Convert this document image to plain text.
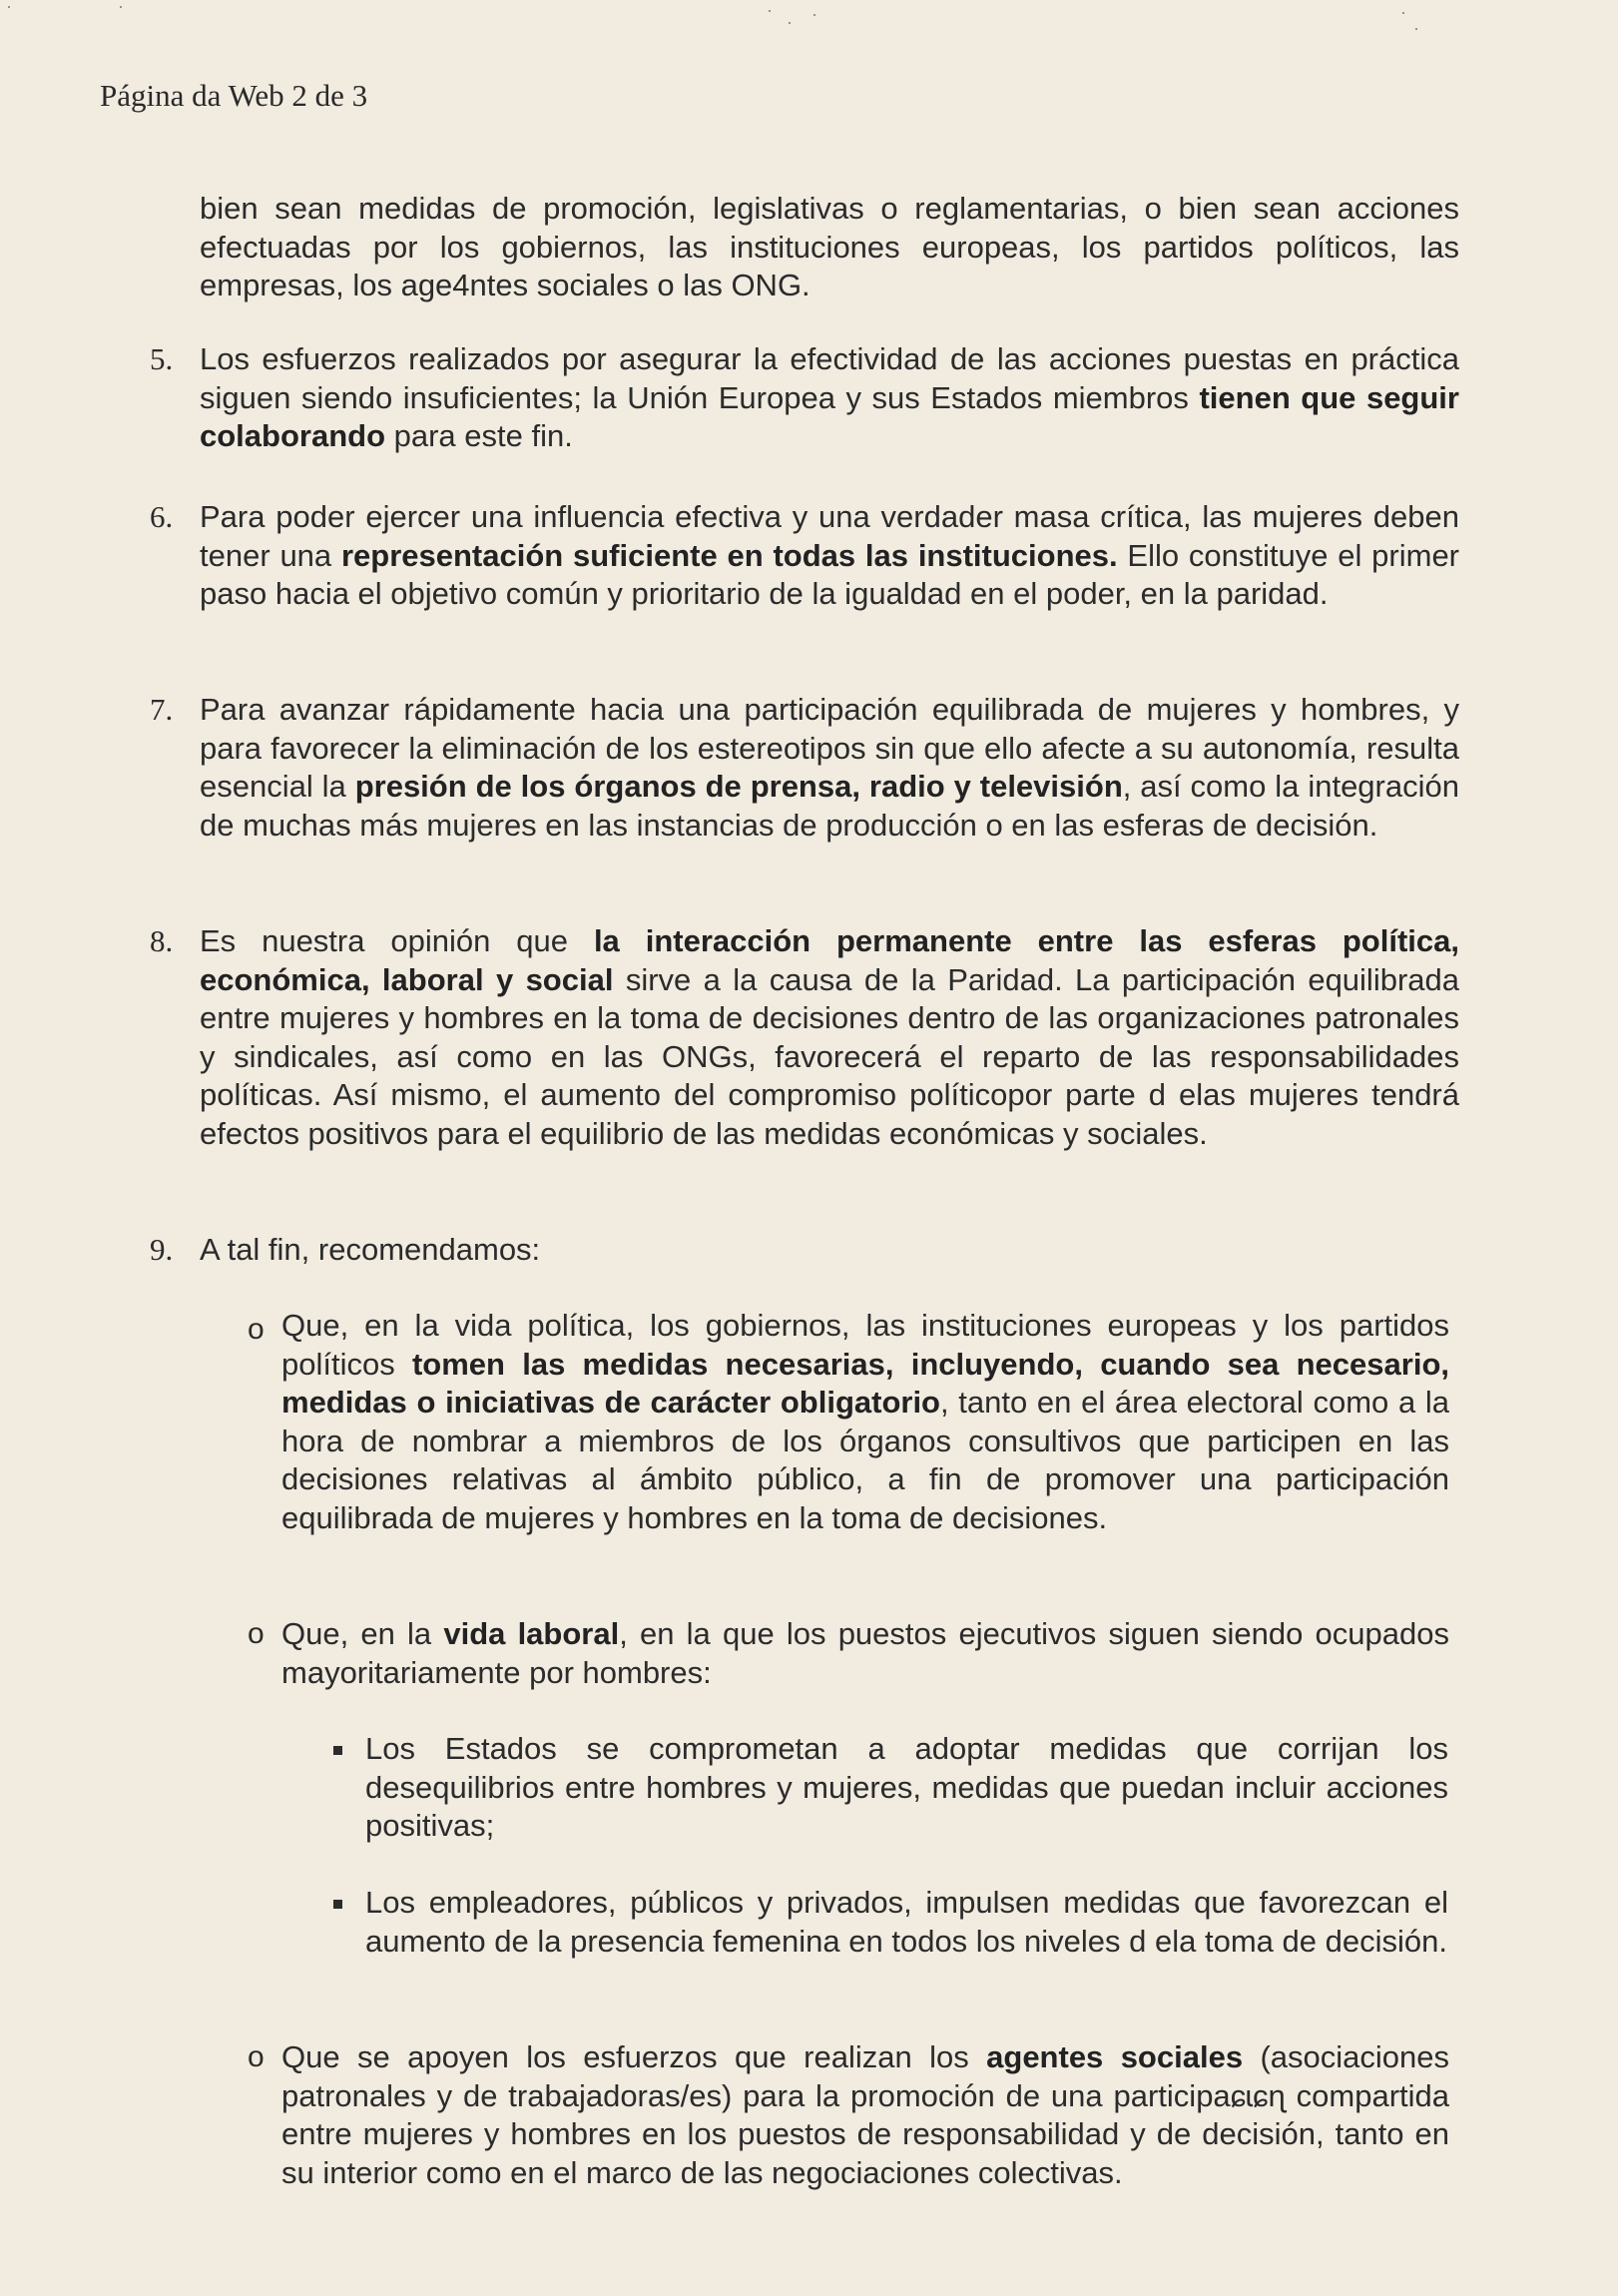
Página da Web 2 de 3

bien sean medidas de promoción, legislativas o reglamentarias, o bien sean acciones efectuadas por los gobiernos, las instituciones europeas, los partidos políticos, las empresas, los age4ntes sociales o las ONG.

5. Los esfuerzos realizados por asegurar la efectividad de las acciones puestas en práctica siguen siendo insuficientes; la Unión Europea y sus Estados miembros tienen que seguir colaborando para este fin.

6. Para poder ejercer una influencia efectiva y una verdader masa crítica, las mujeres deben tener una representación suficiente en todas las instituciones. Ello constituye el primer paso hacia el objetivo común y prioritario de la igualdad en el poder, en la paridad.

7. Para avanzar rápidamente hacia una participación equilibrada de mujeres y hombres, y para favorecer la eliminación de los estereotipos sin que ello afecte a su autonomía, resulta esencial la presión de los órganos de prensa, radio y televisión, así como la integración de muchas más mujeres en las instancias de producción o en las esferas de decisión.

8. Es nuestra opinión que la interacción permanente entre las esferas política, económica, laboral y social sirve a la causa de la Paridad. La participación equilibrada entre mujeres y hombres en la toma de decisiones dentro de las organizaciones patronales y sindicales, así como en las ONGs, favorecerá el reparto de las responsabilidades políticas. Así mismo, el aumento del compromiso políticopor parte d elas mujeres tendrá efectos positivos para el equilibrio de las medidas económicas y sociales.

9. A tal fin, recomendamos:

o Que, en la vida política, los gobiernos, las instituciones europeas y los partidos políticos tomen las medidas necesarias, incluyendo, cuando sea necesario, medidas o iniciativas de carácter obligatorio, tanto en el área electoral como a la hora de nombrar a miembros de los órganos consultivos que participen en las decisiones relativas al ámbito público, a fin de promover una participación equilibrada de mujeres y hombres en la toma de decisiones.

o Que, en la vida laboral, en la que los puestos ejecutivos siguen siendo ocupados mayoritariamente por hombres:

Los Estados se comprometan a adoptar medidas que corrijan los desequilibrios entre hombres y mujeres, medidas que puedan incluir acciones positivas;

Los empleadores, públicos y privados, impulsen medidas que favorezcan el aumento de la presencia femenina en todos los niveles d ela toma de decisión.

o Que se apoyen los esfuerzos que realizan los agentes sociales (asociaciones patronales y de trabajadoras/es) para la promoción de una participaɕɩɕɳ compartida entre mujeres y hombres en los puestos de responsabilidad y de decisión, tanto en su interior como en el marco de las negociaciones colectivas.
